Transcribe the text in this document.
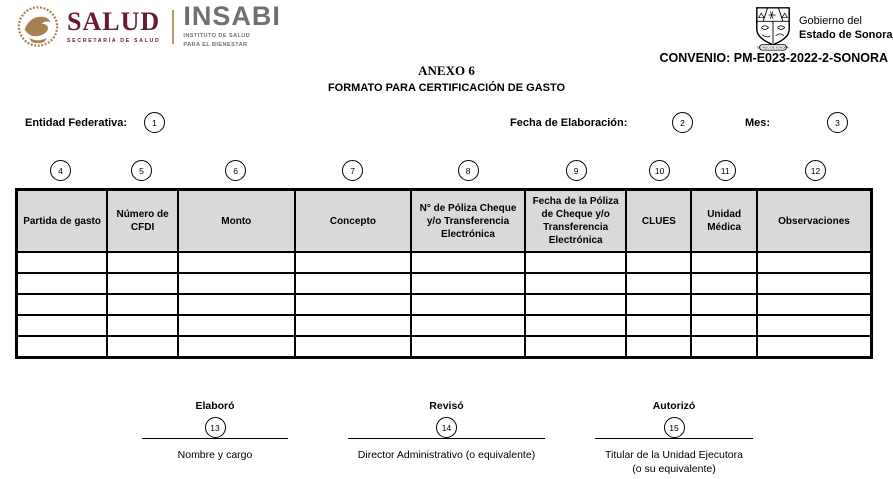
SALUD
SECRETARÍA DE SALUD
INSABI
INSTITUTO DE SALUD PARA EL BIENESTAR	ESTADO DE SONORA
Gobierno del
Estado de Sonora
CONVENIO: PM-E023-2022-2-SONORA
ANEXO 6
FORMATO PARA CERTIFICACIÓN DE GASTO
Entidad Federativa:	1	Fecha de Elaboración:	2	Mes:	3
4	5	6	7	8	9	10	11	12
Partida de gasto	Número de CFDI	Monto	Concepto	N° de Póliza Cheque y/o Transferencia Electrónica	Fecha de la Póliza de Cheque y/o Transferencia Electrónica	CLUES	Unidad Médica	Observaciones

Elaboró
13
Nombre y cargo
Revisó
14
Director Administrativo (o equivalente)
Autorizó
15
Titular de la Unidad Ejecutora
(o su equivalente)
